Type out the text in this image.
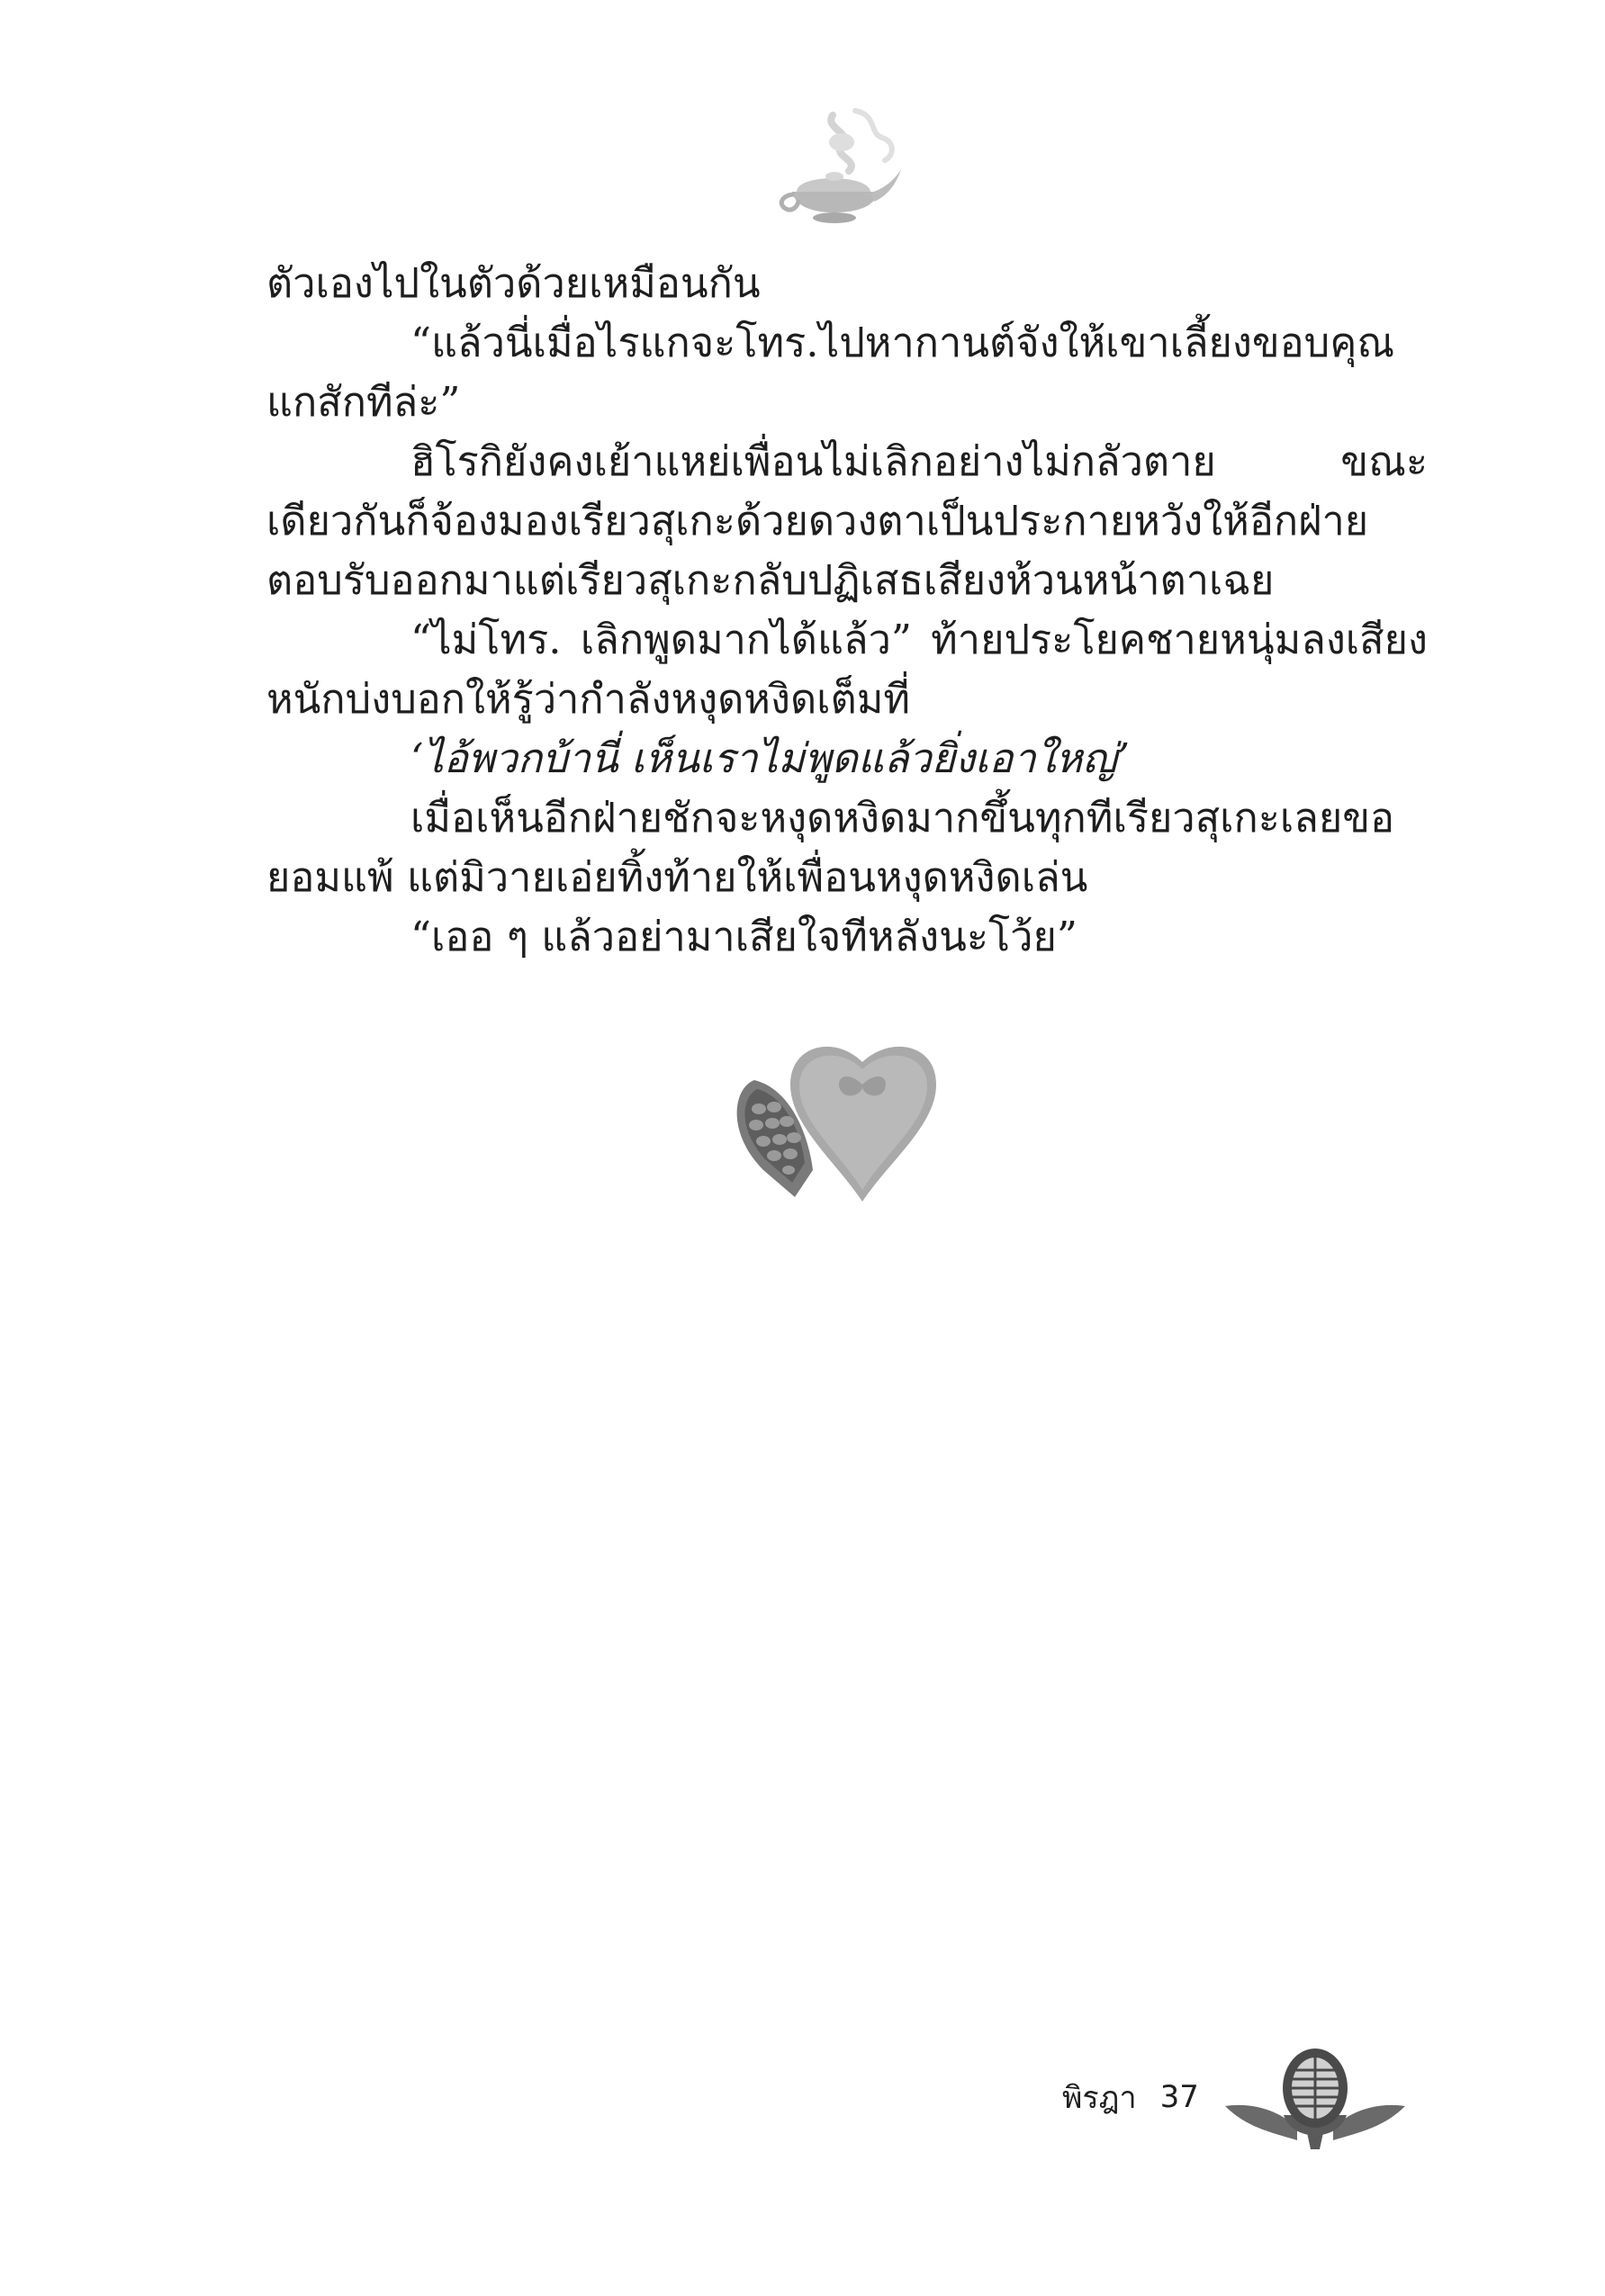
ตัวเองไปในตัวด้วยเหมือนกัน

“แล้วนี่เมื่อไรแกจะโทร.ไปหากานต์จังให้เขาเลี้ยงขอบคุณแกสักทีล่ะ”

ฮิโรกิยังคงเย้าแหย่เพื่อนไม่เลิกอย่างไม่กลัวตาย ขณะเดียวกันก็จ้องมองเรียวสุเกะด้วยดวงตาเป็นประกายหวังให้อีกฝ่ายตอบรับออกมาแต่เรียวสุเกะกลับปฏิเสธเสียงห้วนหน้าตาเฉย

“ไม่โทร. เลิกพูดมากได้แล้ว” ท้ายประโยคชายหนุ่มลงเสียงหนักบ่งบอกให้รู้ว่ากำลังหงุดหงิดเต็มที่

‘ไอ้พวกบ้านี่ เห็นเราไม่พูดแล้วยิ่งเอาใหญ่’

เมื่อเห็นอีกฝ่ายชักจะหงุดหงิดมากขึ้นทุกทีเรียวสุเกะเลยขอยอมแพ้ แต่มิวายเอ่ยทิ้งท้ายให้เพื่อนหงุดหงิดเล่น

“เออ ๆ แล้วอย่ามาเสียใจทีหลังนะโว้ย”

พิรฎา 37
